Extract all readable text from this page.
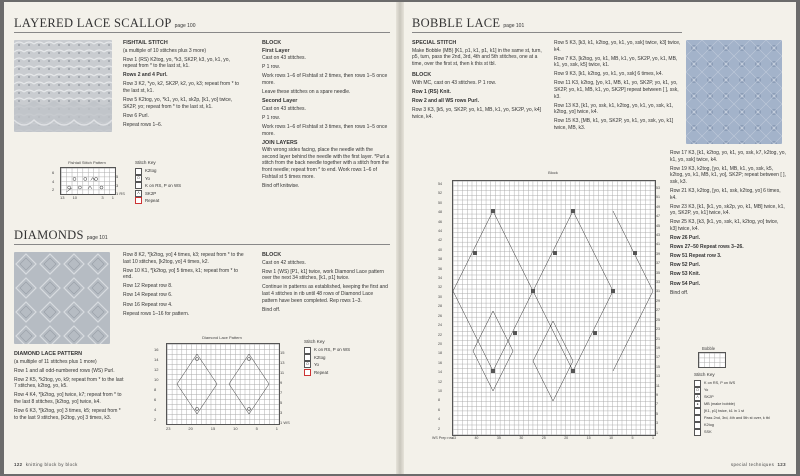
LAYERED LACE SCALLOP page 100
FISHTAIL STITCH

(a multiple of 10 stitches plus 3 more)

Row 1 (RS) K2tog, yo, *k3, SK2P, k3, yo, k1, yo, repeat from * to the last st, k1.

Rows 2 and 4 Purl.

Row 3 K2, *yo, k2, SK2P, k2, yo, k3; repeat from * to the last st, k1.

Row 5 K2tog, yo, *k1, yo, k1, sk2p, [k1, yo] twice, SK2P, yo; repeat from * to the last st, k1.

Row 6 Purl.

Repeat rows 1–6.

BLOCK
First Layer

Cast on 43 stitches.

P 1 row.

Work rows 1–6 of Fishtail st 2 times, then rows 1–5 once more.

Leave these stitches on a spare needle.

Second Layer

Cast on 43 stitches.

P 1 row.

Work rows 1–6 of Fishtail st 3 times, then rows 1–5 once more.

JOIN LAYERS

With wrong sides facing, place the needle with the second layer behind the needle with the first layer. *Purl a stitch from the back needle together with a stitch from the front needle; repeat from * to end. Work rows 1–6 of Fishtail st 5 times more.

Bind off knitwise.

Fishtail Stitch Pattern
6
4
2
5
3
1 RS
13 10	3 1
Stitch Key
K2tog
O	Yo
K on RS, P on WS
Λ	SK2P
Repeat
DIAMONDS page 101
DIAMOND LACE PATTERN

(a multiple of 11 stitches plus 1 more)

Row 1 and all odd-numbered rows (WS) Purl.

Row 2 K5, *k2tog, yo, k9; repeat from * to the last 7 stitches, k2tog, yo, k5.

Row 4 K4, *[k2tog, yo] twice, k7; repeat from * to the last 8 stitches, [k2tog, yo] twice, k4.

Row 6 K3, *[k2tog, yo] 3 times, k5; repeat from * to the last 9 stitches, [k2tog, yo] 3 times, k3.

Row 8 K2, *[k2tog, yo] 4 times, k3; repeat from * to the last 10 stitches, [k2tog, yo] 4 times, k2.

Row 10 K1, *[k2tog, yo] 5 times, k1; repeat from * to end.

Row 12 Repeat row 8.

Row 14 Repeat row 6.

Row 16 Repeat row 4.

Repeat rows 1–16 for pattern.

BLOCK

Cast on 42 stitches.

Row 1 (WS) [P1, k1] twice, work Diamond Lace pattern over the next 34 stitches, [k1, p1] twice.

Continue in patterns as established, keeping the first and last 4 stitches in rib until 48 rows of Diamond Lace pattern have been completed. Rep rows 1–3.

Bind off.

Diamond Lace Pattern
16
14
12
10
8
6
4
2
15
13
11
9
7
5
3
1 WS
23	20	15	10	5	1
Stitch Key
K on RS, P on WS
K2tog
O	Yo
Repeat
122 knitting block by block
BOBBLE LACE page 101
SPECIAL STITCH

Make Bobble (MB) [K1, p1, k1, p1, k1] in the same st, turn, p5, turn, pass the 2nd, 3rd, 4th and 5th stitches, one at a time, over the first st, then k this st tbl.

BLOCK

With MC, cast on 43 stitches. P 1 row.

Row 1 (RS) Knit.

Row 2 and all WS rows Purl.

Row 3 K3, [k5, yo, SK2P, yo, k1, MB, k1, yo, SK2P, yo, k4] twice, k4.

Row 5 K3, [k3, k1, k2tog, yo, k1, yo, ssk] twice, k3] twice, k4.

Row 7 K3, [k2tog, yo, k1, MB, k1, yo, SK2P, yo, k1, MB, k1, yo, ssk, k5] twice, k1.

Row 9 K3, [k1, k2tog, yo, k1, yo, ssk] 6 times, k4.

Row 11 K3, k2tog, [yo, k1, MB, k1, yo, SK2P, yo, k1, yo, SK2P, yo, k1, MB, k1, yo, SK2P] repeat between [ ], ssk, k3.

Row 13 K3, [k1, yo, ssk, k1, k2tog, yo, k1, yo, ssk, k1, k2tog, yo] twice, k4.

Row 15 K3, [MB, k1, yo, SK2P, yo, k1, yo, ssk, yo, k1] twice, MB, k3.

Row 17 K3, [k1, k2tog, yo, k1, yo, ssk, k7, k2tog, yo, k1, yo, ssk] twice, k4.

Row 19 K3, k2tog, [yo, k1, MB, k1, yo, ssk, k5, k2tog, yo, k1, MB, k1, yo], SK2P; repeat between [ ], ssk, k3.

Row 21 K3, k2tog, [yo, k1, ssk, k2tog, yo] 6 times, k4.

Row 23 K3, [k1, [k1, yo, sk2p, yo, k1, MB] twice, k1, yo, SK2P, yo, k1] twice, k4.

Row 25 K3, [k3, [k1, yo, ssk, k1, k2tog, yo] twice, k3] twice, k4.

Row 26 Purl.

Rows 27–50 Repeat rows 3–26.

Row 51 Repeat row 3.

Row 52 Purl.

Row 53 Knit.

Row 54 Purl.

Bind off.

Block
54
52
50
48
46
44
42
40
38
36
34
32
30
28
26
24
22
20
18
16
14
12
10
8
6
4
2
53
51
49
47
45
43
41
39
37
35
33
31
29
27
25
23
21
19
17
15
13
11
9
7
5
3
1
43	40	35	30	25	20	15	10	5	1
WS Prep row
Bobble
Stitch Key
K on RS, P on WS
O	Yo
Λ	SK2P
●	MB (make bobble)
[K1, p1] twice, k1 in 1 st
Pass 2nd, 3rd, 4th and 5th st over, k tbl
K2tog
SSK
special techniques 123
